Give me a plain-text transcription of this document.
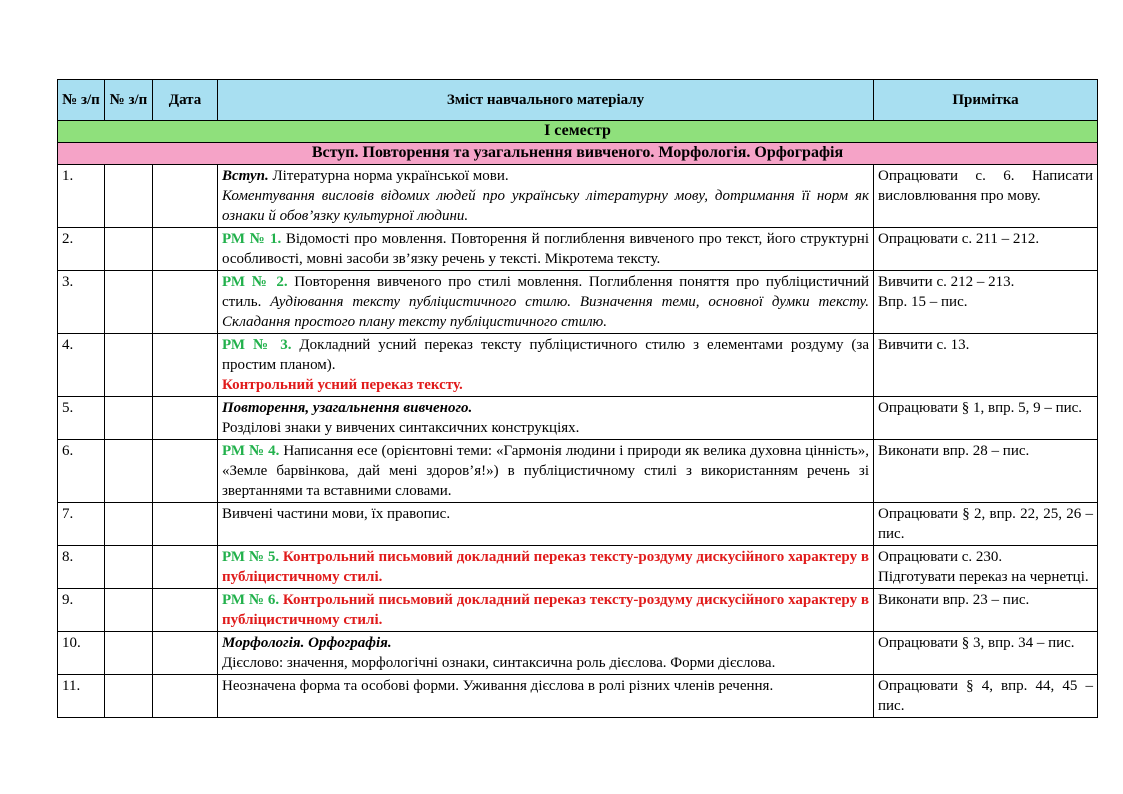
№ з/п	№ з/п	Дата	Зміст навчального матеріалу	Примітка
І семестр				
Вступ. Повторення та узагальнення вивченого. Морфологія. Орфографія				
1.			Вступ. Літературна норма української мови.
Коментування висловів відомих людей про українську літературну мову, дотримання її норм як ознаки й обов’язку культурної людини.	Опрацювати с. 6. Написати висловлювання про мову.

2.			РМ № 1. Відомості про мовлення. Повторення й поглиблення вивченого про текст, його структурні особливості, мовні засоби зв’язку речень у тексті. Мікротема тексту.	Опрацювати с. 211 – 212.

3.			РМ № 2. Повторення вивченого про стилі мовлення. Поглиблення поняття про публіцистичний стиль. Аудіювання тексту публіцистичного стилю. Визначення теми, основної думки тексту. Складання простого плану тексту публіцистичного стилю.	Вивчити с. 212 – 213.
Впр. 15 – пис.

4.			РМ № 3. Докладний усний переказ тексту публіцистичного стилю з елементами роздуму (за простим планом).
Контрольний усний переказ тексту.	Вивчити с. 13.

5.			Повторення, узагальнення вивченого.
Розділові знаки у вивчених синтаксичних конструкціях.	Опрацювати § 1, впр. 5, 9 – пис.

6.			РМ № 4. Написання есе (орієнтовні теми: «Гармонія людини і природи як велика духовна цінність», «Земле барвінкова, дай мені здоров’я!») в публіцистичному стилі з використанням речень зі звертаннями та вставними словами.	Виконати впр. 28 – пис.

7.			Вивчені частини мови, їх правопис.	Опрацювати § 2, впр. 22, 25, 26 – пис.

8.			РМ № 5. Контрольний письмовий докладний переказ тексту-роздуму дискусійного характеру в публіцистичному стилі.	Опрацювати с. 230.
Підготувати переказ на чернетці.

9.			РМ № 6. Контрольний письмовий докладний переказ тексту-роздуму дискусійного характеру в публіцистичному стилі.	Виконати впр. 23 – пис.

10.			Морфологія. Орфографія.
Дієслово: значення, морфологічні ознаки, синтаксична роль дієслова. Форми дієслова.	Опрацювати § 3, впр. 34 – пис.

11.			Неозначена форма та особові форми. Уживання дієслова в ролі різних членів речення.	Опрацювати § 4, впр. 44, 45 – пис.
